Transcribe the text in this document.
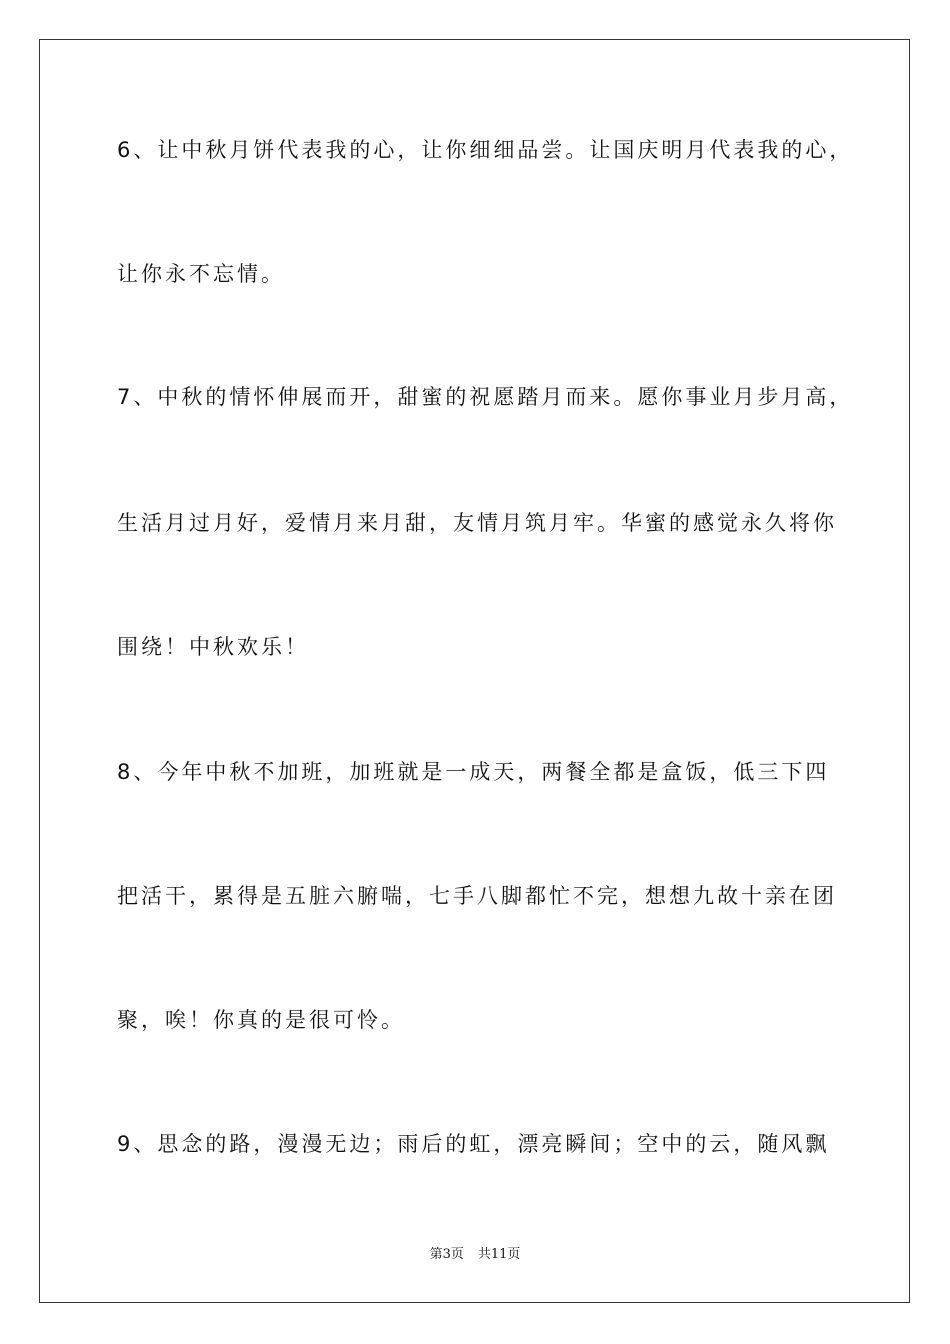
6、让中秋月饼代表我的心，让你细细品尝。让国庆明月代表我的心，
让你永不忘情。
7、中秋的情怀伸展而开，甜蜜的祝愿踏月而来。愿你事业月步月高，
生活月过月好，爱情月来月甜，友情月筑月牢。华蜜的感觉永久将你
围绕！中秋欢乐！
8、今年中秋不加班，加班就是一成天，两餐全都是盒饭，低三下四
把活干，累得是五脏六腑喘，七手八脚都忙不完，想想九故十亲在团
聚，唉！你真的是很可怜。
9、思念的路，漫漫无边；雨后的虹，漂亮瞬间；空中的云，随风飘
第3页 共11页
